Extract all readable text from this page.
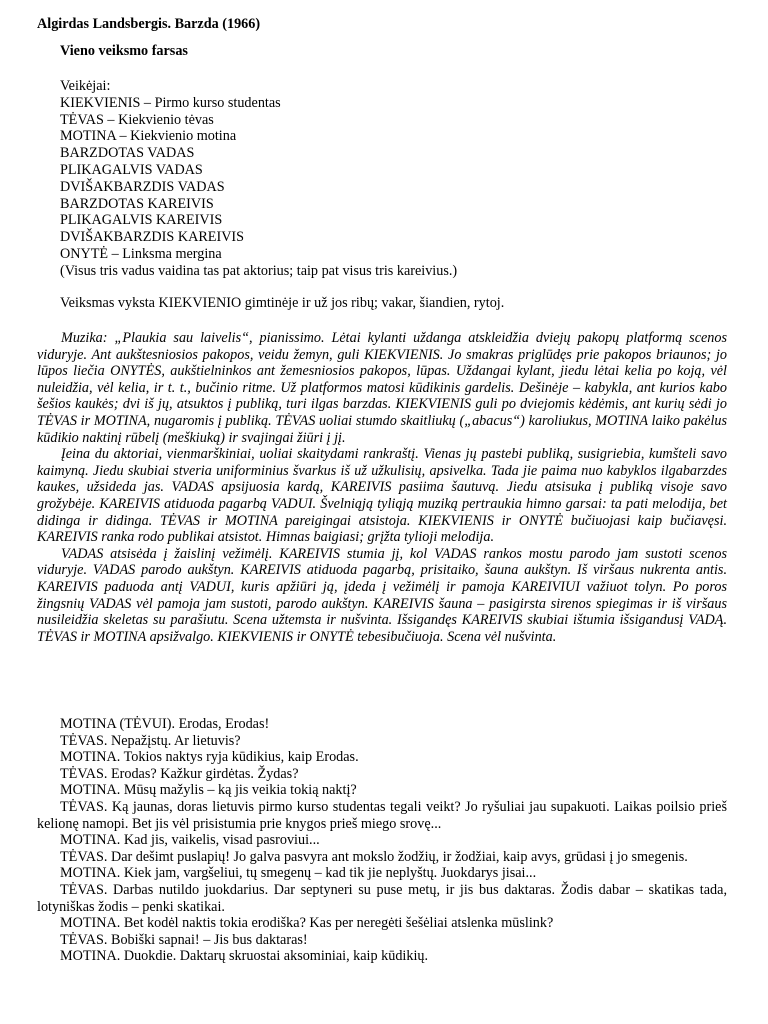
Algirdas Landsbergis. Barzda (1966)
Vieno veiksmo farsas
Veikėjai:
KIEKVIENIS – Pirmo kurso studentas
TĖVAS – Kiekvienio tėvas
MOTINA – Kiekvienio motina
BARZDOTAS VADAS
PLIKAGALVIS VADAS
DVIŠAKBARZDIS VADAS
BARZDOTAS KAREIVIS
PLIKAGALVIS KAREIVIS
DVIŠAKBARZDIS KAREIVIS
ONYTĖ – Linksma mergina
(Visus tris vadus vaidina tas pat aktorius; taip pat visus tris kareivius.)
Veiksmas vyksta KIEKVIENIO gimtinėje ir už jos ribų; vakar, šiandien, rytoj.

Muzika: „Plaukia sau laivelis“, pianissimo. Lėtai kylanti uždanga atskleidžia dviejų pakopų platformą scenos viduryje. Ant aukštesniosios pakopos, veidu žemyn, guli KIEKVIENIS. Jo smakras priglūdęs prie pakopos briaunos; jo lūpos liečia ONYTĖS, aukštielninkos ant žemesniosios pakopos, lūpas. Uždangai kylant, jiedu lėtai kelia po koją, vėl nuleidžia, vėl kelia, ir t. t., bučinio ritme. Už platformos matosi kūdikinis gardelis. Dešinėje – kabykla, ant kurios kabo šešios kaukės; dvi iš jų, atsuktos į publiką, turi ilgas barzdas. KIEKVIENIS guli po dviejomis kėdėmis, ant kurių sėdi jo TĖVAS ir MOTINA, nugaromis į publiką. TĖVAS uoliai stumdo skaitliukų („abacus“) karoliukus, MOTINA laiko pakėlus kūdikio naktinį rūbelį (meškiuką) ir svajingai žiūri į jį.

Įeina du aktoriai, vienmarškiniai, uoliai skaitydami rankraštį. Vienas jų pastebi publiką, susigriebia, kumšteli savo kaimyną. Jiedu skubiai stveria uniforminius švarkus iš už užkulisių, apsivelka. Tada jie paima nuo kabyklos ilgabarzdes kaukes, užsideda jas. VADAS apsijuosia kardą, KAREIVIS pasiima šautuvą. Jiedu atsisuka į publiką visoje savo grožybėje. KAREIVIS atiduoda pagarbą VADUI. Švelniąją tyliąją muziką pertraukia himno garsai: ta pati melodija, bet didinga ir didinga. TĖVAS ir MOTINA pareigingai atsistoja. KIEKVIENIS ir ONYTĖ bučiuojasi kaip bučiavęsi. KAREIVIS ranka rodo publikai atsistot. Himnas baigiasi; grįžta tylioji melodija.

VADAS atsisėda į žaislinį vežimėlį. KAREIVIS stumia jį, kol VADAS rankos mostu parodo jam sustoti scenos viduryje. VADAS parodo aukštyn. KAREIVIS atiduoda pagarbą, prisitaiko, šauna aukštyn. Iš viršaus nukrenta antis. KAREIVIS paduoda antį VADUI, kuris apžiūri ją, įdeda į vežimėlį ir pamoja KAREIVIUI važiuot tolyn. Po poros žingsnių VADAS vėl pamoja jam sustoti, parodo aukštyn. KAREIVIS šauna – pasigirsta sirenos spiegimas ir iš viršaus nusileidžia skeletas su parašiutu. Scena užtemsta ir nušvinta. Išsigandęs KAREIVIS skubiai ištumia išsigandusį VADĄ. TĖVAS ir MOTINA apsižvalgo. KIEKVIENIS ir ONYTĖ tebesibučiuoja. Scena vėl nušvinta.

MOTINA (TĖVUI). Erodas, Erodas!

TĖVAS. Nepažįstų. Ar lietuvis?

MOTINA. Tokios naktys ryja kūdikius, kaip Erodas.

TĖVAS. Erodas? Kažkur girdėtas. Žydas?

MOTINA. Mūsų mažylis – ką jis veikia tokią naktį?

TĖVAS. Ką jaunas, doras lietuvis pirmo kurso studentas tegali veikt? Jo ryšuliai jau supakuoti. Laikas poilsio prieš kelionę namopi. Bet jis vėl prisistumia prie knygos prieš miego srovę...

MOTINA. Kad jis, vaikelis, visad pasroviui...

TĖVAS. Dar dešimt puslapių! Jo galva pasvyra ant mokslo žodžių, ir žodžiai, kaip avys, grūdasi į jo smegenis.

MOTINA. Kiek jam, vargšeliui, tų smegenų – kad tik jie neplyštų. Juokdarys jisai...

TĖVAS. Darbas nutildo juokdarius. Dar septyneri su puse metų, ir jis bus daktaras. Žodis dabar – skatikas tada, lotyniškas žodis – penki skatikai.

MOTINA. Bet kodėl naktis tokia erodiška? Kas per neregėti šešėliai atslenka mūslink?

TĖVAS. Bobiški sapnai! – Jis bus daktaras!

MOTINA. Duokdie. Daktarų skruostai aksominiai, kaip kūdikių.
